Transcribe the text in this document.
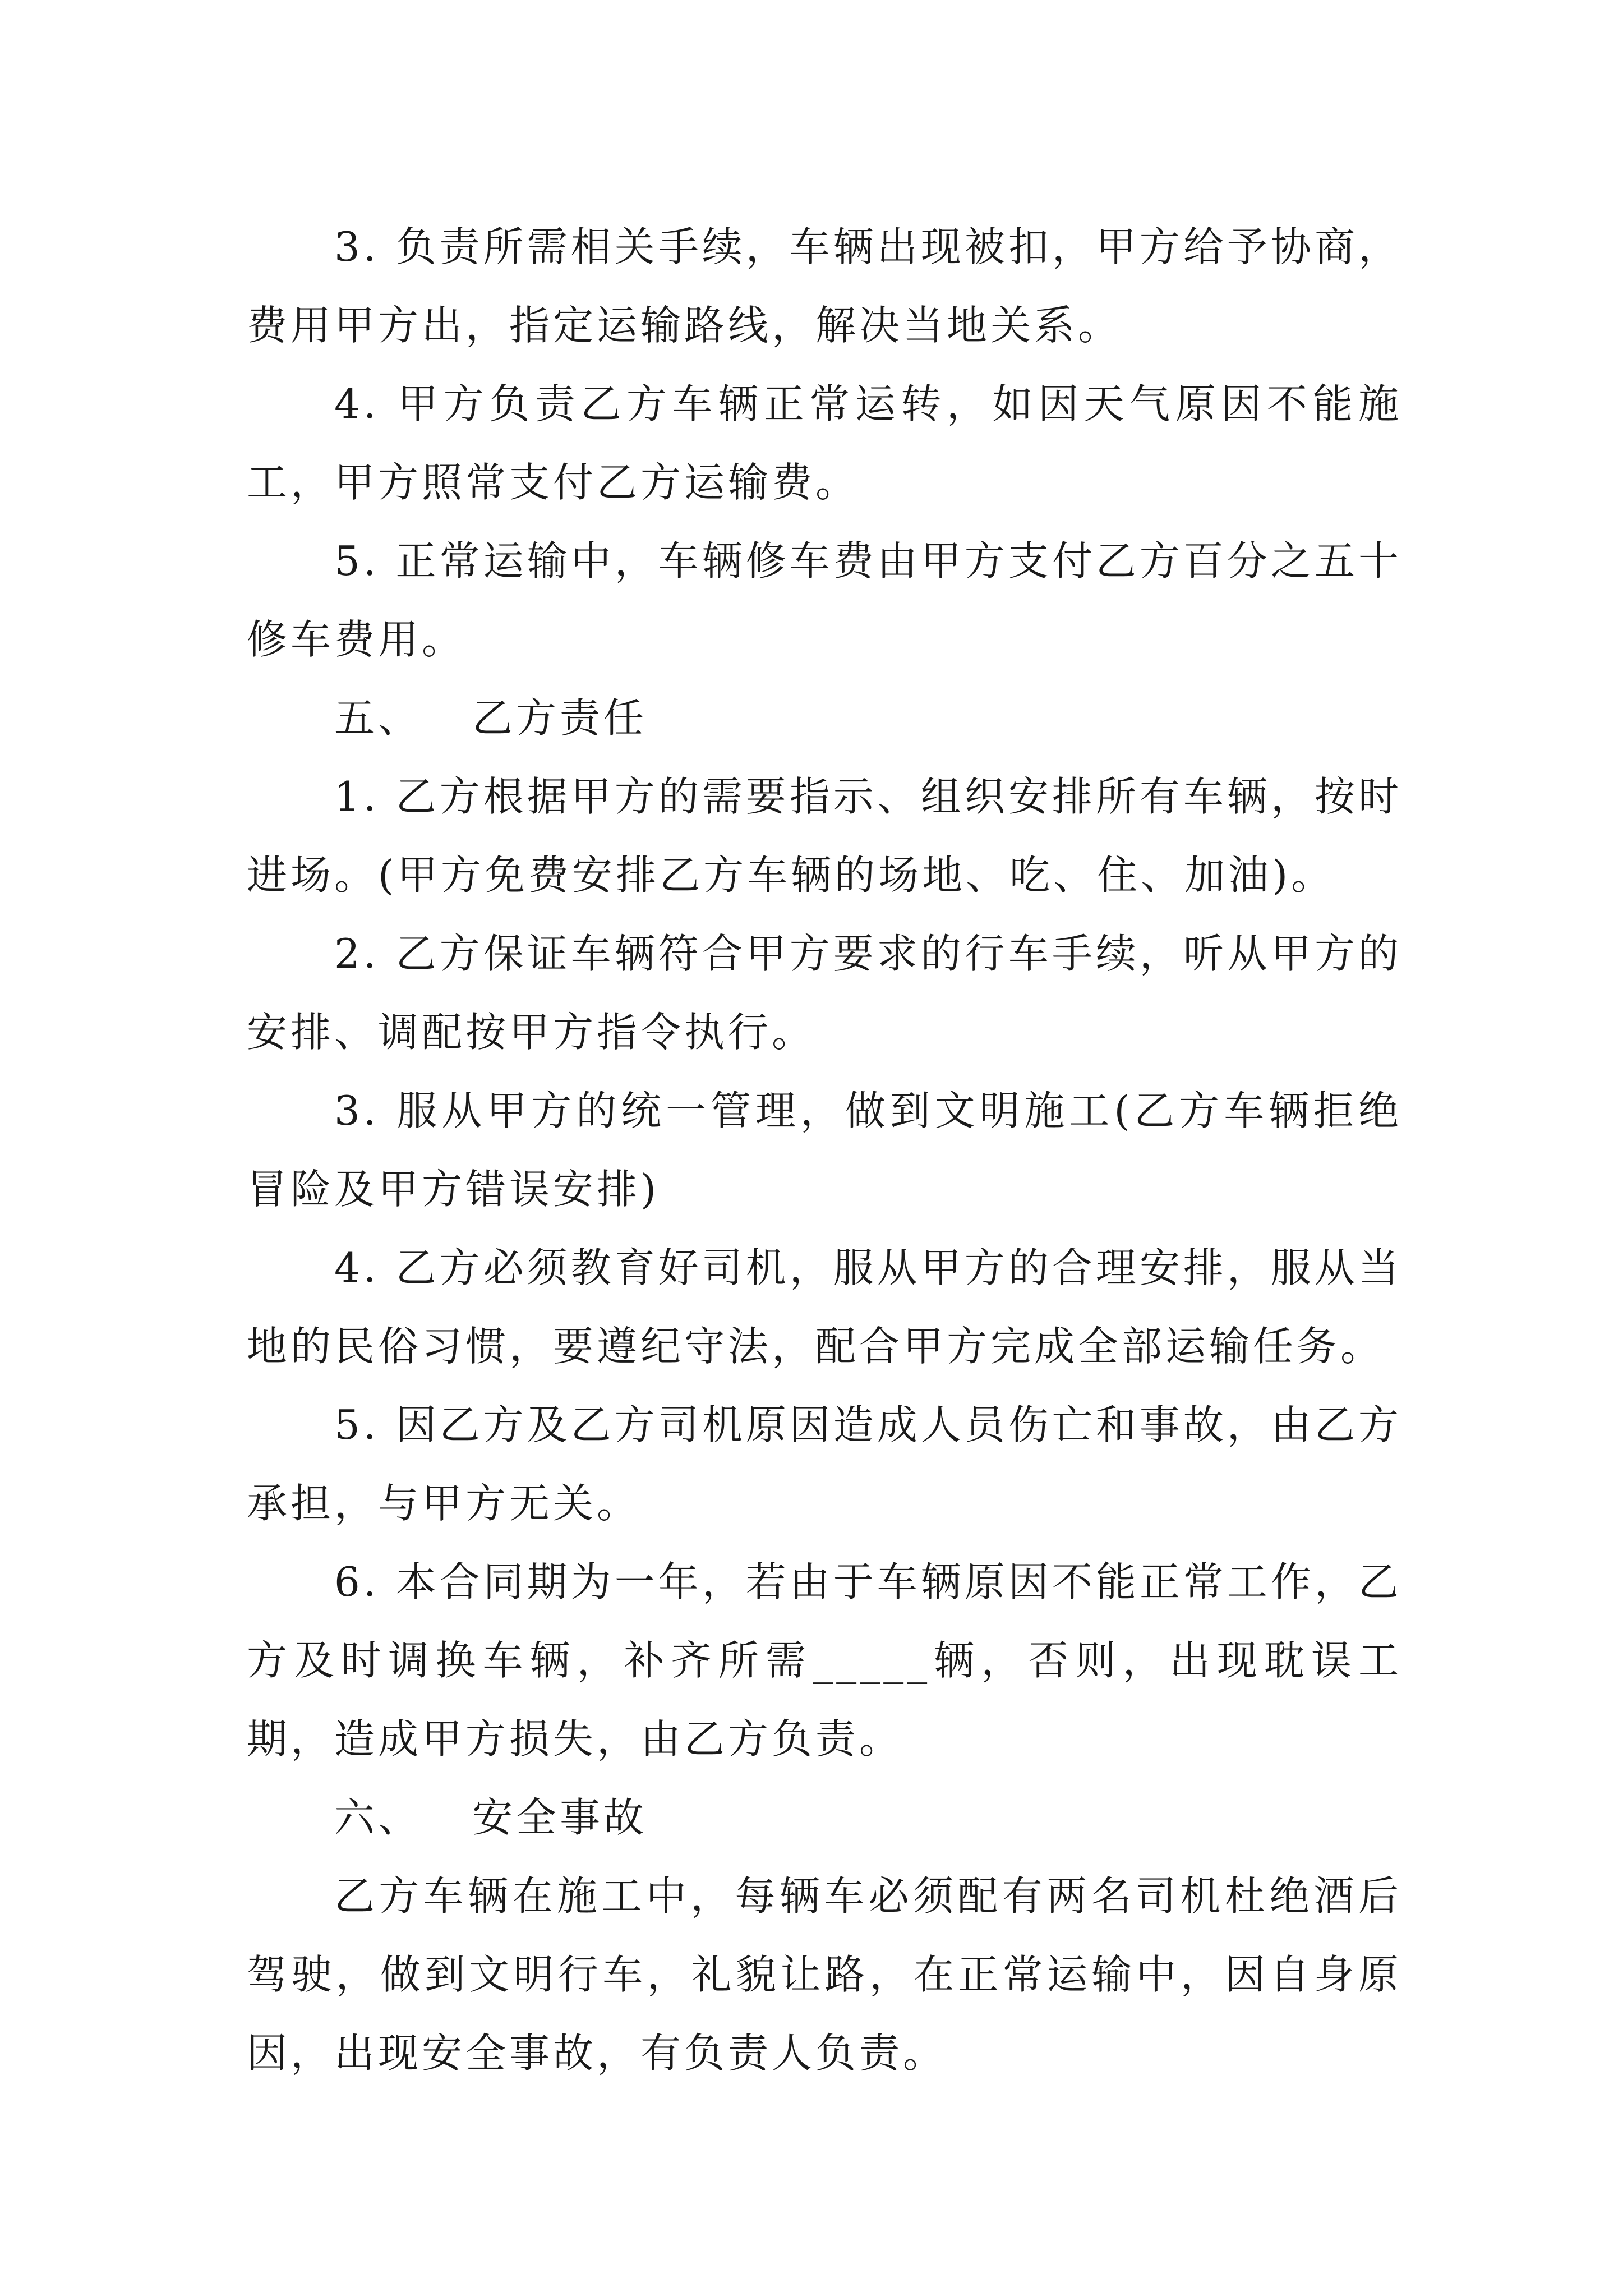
3. 负责所需相关手续，车辆出现被扣，甲方给予协商，费用甲方出，指定运输路线，解决当地关系。

4. 甲方负责乙方车辆正常运转，如因天气原因不能施工，甲方照常支付乙方运输费。

5. 正常运输中，车辆修车费由甲方支付乙方百分之五十修车费用。

五、 乙方责任

1. 乙方根据甲方的需要指示、组织安排所有车辆，按时进场。(甲方免费安排乙方车辆的场地、吃、住、加油)。

2. 乙方保证车辆符合甲方要求的行车手续，听从甲方的安排、调配按甲方指令执行。

3. 服从甲方的统一管理，做到文明施工(乙方车辆拒绝冒险及甲方错误安排)

4. 乙方必须教育好司机，服从甲方的合理安排，服从当地的民俗习惯，要遵纪守法，配合甲方完成全部运输任务。

5. 因乙方及乙方司机原因造成人员伤亡和事故，由乙方承担，与甲方无关。

6. 本合同期为一年，若由于车辆原因不能正常工作，乙方及时调换车辆，补齐所需_____辆，否则，出现耽误工期，造成甲方损失，由乙方负责。

六、 安全事故

乙方车辆在施工中，每辆车必须配有两名司机杜绝酒后驾驶，做到文明行车，礼貌让路，在正常运输中，因自身原因，出现安全事故，有负责人负责。
